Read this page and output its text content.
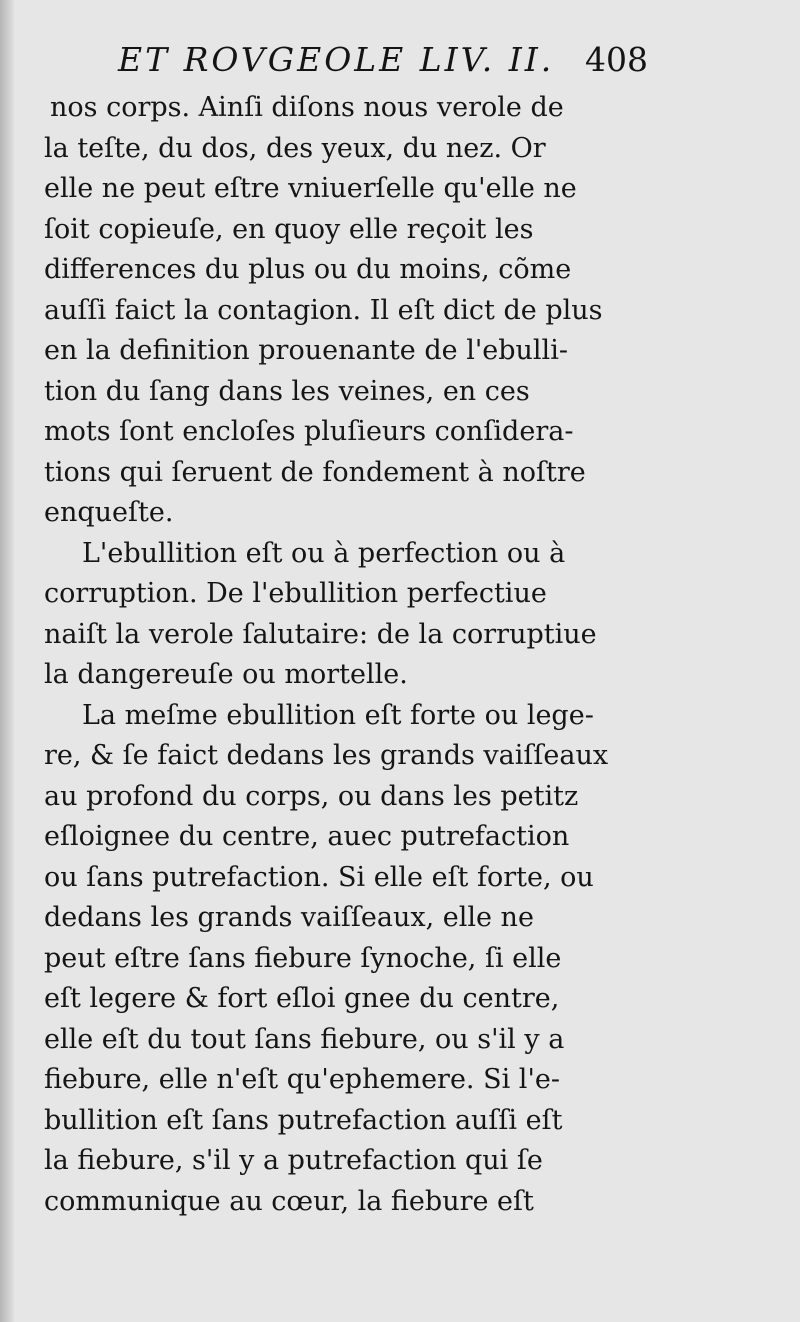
ET ROVGEOLE LIV. II. 408
nos corps. Ainſi diſons nous verole de
la teſte, du dos, des yeux, du nez. Or
elle ne peut eſtre vniuerſelle qu'elle ne
ſoit copieuſe, en quoy elle reçoit les
differences du plus ou du moins, cõme
auſſi faict la contagion. Il eſt dict de plus
en la definition prouenante de l'ebulli-
tion du ſang dans les veines, en ces
mots ſont encloſes pluſieurs conſidera-
tions qui ſeruent de fondement à noſtre
enqueſte.
L'ebullition eſt ou à perfection ou à
corruption. De l'ebullition perfectiue
naiſt la verole ſalutaire: de la corruptiue
la dangereuſe ou mortelle.
La meſme ebullition eſt forte ou lege-
re, & ſe faict dedans les grands vaiſſeaux
au profond du corps, ou dans les petitz
eſloignee du centre, auec putrefaction
ou ſans putrefaction. Si elle eſt forte, ou
dedans les grands vaiſſeaux, elle ne
peut eſtre ſans fiebure ſynoche, ſi elle
eſt legere & fort eſloi gnee du centre,
elle eſt du tout ſans fiebure, ou s'il y a
fiebure, elle n'eſt qu'ephemere. Si l'e-
bullition eſt ſans putrefaction auſſi eſt
la fiebure, s'il y a putrefaction qui ſe
communique au cœur, la fiebure eſt
